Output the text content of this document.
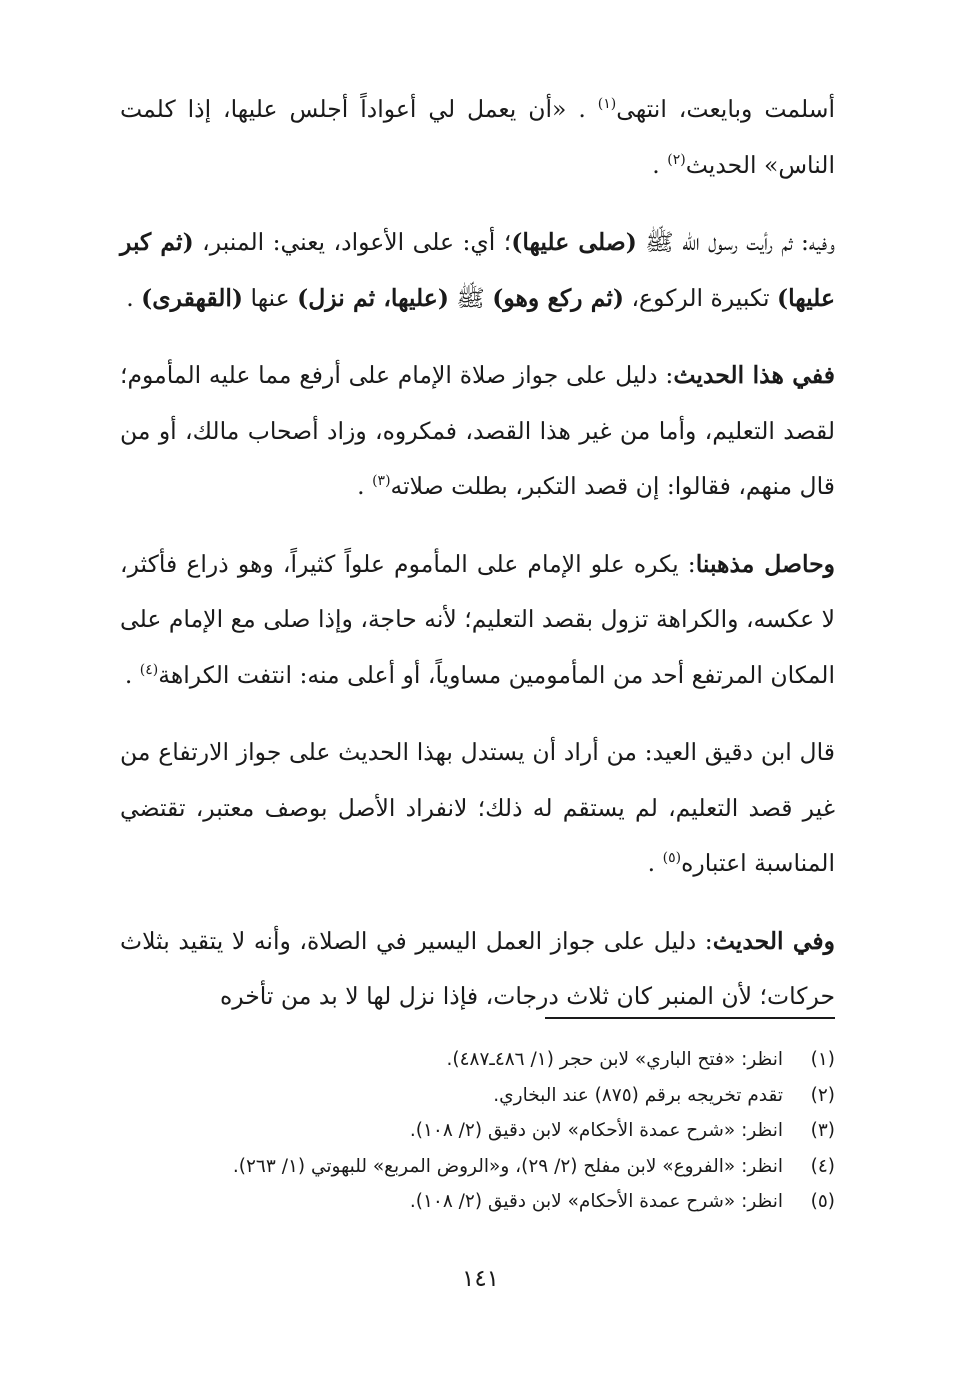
أسلمت وبايعت، انتهى$^{(١)}$ . «أن يعمل لي أعواداً أجلس عليها، إذا كلمت الناس» الحديث$^{(٢)}$ .

وفيه: ثم رأيت رسول الله ﷺ (صلى عليها)؛ أي: على الأعواد، يعني: المنبر، (ثم كبر عليها) تكبيرة الركوع، (ثم ركع وهو) ﷺ (عليها، ثم نزل) عنها (القهقرى) .

ففي هذا الحديث: دليل على جواز صلاة الإمام على أرفع مما عليه المأموم؛ لقصد التعليم، وأما من غير هذا القصد، فمكروه، وزاد أصحاب مالك، أو من قال منهم، فقالوا: إن قصد التكبر، بطلت صلاته$^{(٣)}$ .

وحاصل مذهبنا: يكره علو الإمام على المأموم علواً كثيراً، وهو ذراع فأكثر، لا عكسه، والكراهة تزول بقصد التعليم؛ لأنه حاجة، وإذا صلى مع الإمام على المكان المرتفع أحد من المأمومين مساوياً، أو أعلى منه: انتفت الكراهة$^{(٤)}$ .

قال ابن دقيق العيد: من أراد أن يستدل بهذا الحديث على جواز الارتفاع من غير قصد التعليم، لم يستقم له ذلك؛ لانفراد الأصل بوصف معتبر، تقتضي المناسبة اعتباره$^{(٥)}$ .

وفي الحديث: دليل على جواز العمل اليسير في الصلاة، وأنه لا يتقيد بثلاث حركات؛ لأن المنبر كان ثلاث درجات، فإذا نزل لها لا بد من تأخره

(١)انظر: «فتح الباري» لابن حجر (١/ ٤٨٦ـ٤٨٧).
(٢)تقدم تخريجه برقم (٨٧٥) عند البخاري.
(٣)انظر: «شرح عمدة الأحكام» لابن دقيق (٢/ ١٠٨).
(٤)انظر: «الفروع» لابن مفلح (٢/ ٢٩)، و«الروض المربع» للبهوتي (١/ ٢٦٣).
(٥)انظر: «شرح عمدة الأحكام» لابن دقيق (٢/ ١٠٨).
١٤١
